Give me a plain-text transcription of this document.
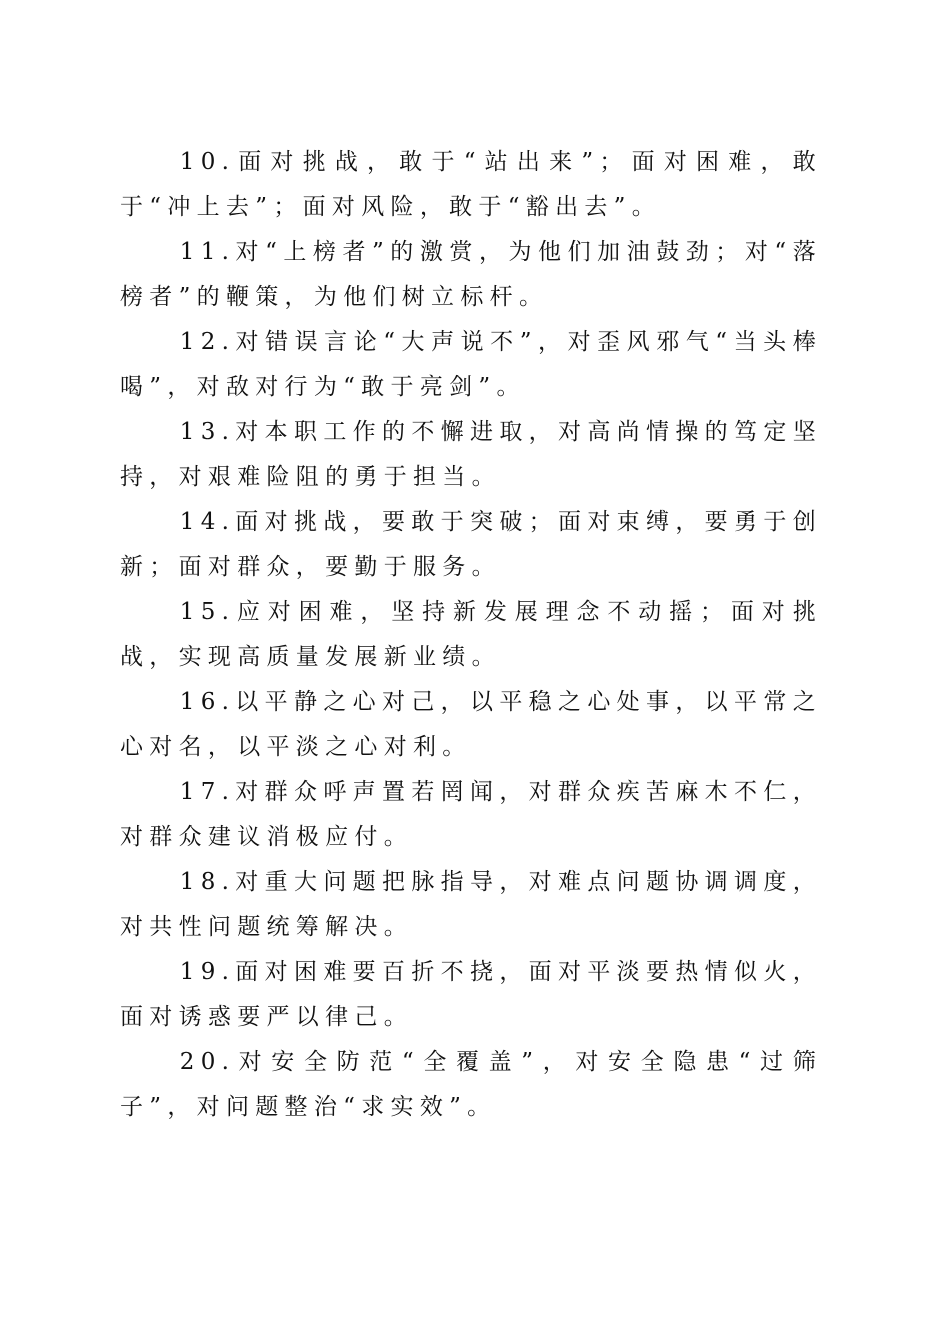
10.面对挑战，敢于“站出来”；面对困难，敢于“冲上去”；面对风险，敢于“豁出去”。

11.对“上榜者”的激赏，为他们加油鼓劲；对“落榜者”的鞭策，为他们树立标杆。

12.对错误言论“大声说不”，对歪风邪气“当头棒喝”，对敌对行为“敢于亮剑”。

13.对本职工作的不懈进取，对高尚情操的笃定坚持，对艰难险阻的勇于担当。

14.面对挑战，要敢于突破；面对束缚，要勇于创新；面对群众，要勤于服务。

15.应对困难，坚持新发展理念不动摇；面对挑战，实现高质量发展新业绩。

16.以平静之心对己，以平稳之心处事，以平常之心对名，以平淡之心对利。

17.对群众呼声置若罔闻，对群众疾苦麻木不仁，对群众建议消极应付。

18.对重大问题把脉指导，对难点问题协调调度，对共性问题统筹解决。

19.面对困难要百折不挠，面对平淡要热情似火，面对诱惑要严以律己。

20.对安全防范“全覆盖”，对安全隐患“过筛子”，对问题整治“求实效”。
